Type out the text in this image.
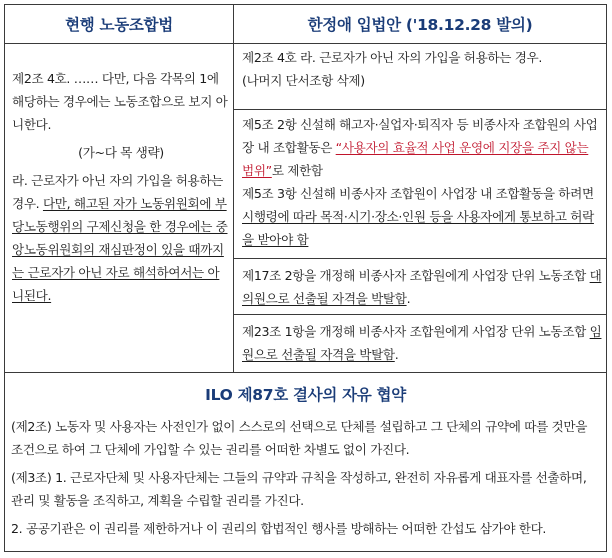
현행 노동조합법	한정애 입법안 ('18.12.28 발의)

제2조 4호. …… 다만, 다음 각목의 1에 해당하는 경우에는 노동조합으로 보지 아니한다.

(가~다 목 생략)

라. 근로자가 아닌 자의 가입을 허용하는 경우. 다만, 해고된 자가 노동위원회에 부당노동행위의 구제신청을 한 경우에는 중앙노동위원회의 재심판정이 있을 때까지는 근로자가 아닌 자로 해석하여서는 아니된다.

제2조 4호 라. 근로자가 아닌 자의 가입을 허용하는 경우.

(나머지 단서조항 삭제)

제5조 2항 신설해 해고자·실업자·퇴직자 등 비종사자 조합원의 사업장 내 조합활동은 “사용자의 효율적 사업 운영에 지장을 주지 않는 범위”로 제한함

제5조 3항 신설해 비종사자 조합원이 사업장 내 조합활동을 하려면 시행령에 따라 목적·시기·장소·인원 등을 사용자에게 통보하고 허락을 받아야 함

제17조 2항을 개정해 비종사자 조합원에게 사업장 단위 노동조합 대의원으로 선출될 자격을 박탈함.

제23조 1항을 개정해 비종사자 조합원에게 사업장 단위 노동조합 임원으로 선출될 자격을 박탈함.

ILO 제87호 결사의 자유 협약

(제2조) 노동자 및 사용자는 사전인가 없이 스스로의 선택으로 단체를 설립하고 그 단체의 규약에 따를 것만을 조건으로 하여 그 단체에 가입할 수 있는 권리를 어떠한 차별도 없이 가진다.

(제3조) 1. 근로자단체 및 사용자단체는 그들의 규약과 규칙을 작성하고, 완전히 자유롭게 대표자를 선출하며, 관리 및 활동을 조직하고, 계획을 수립할 권리를 가진다.

2. 공공기관은 이 권리를 제한하거나 이 권리의 합법적인 행사를 방해하는 어떠한 간섭도 삼가야 한다.
